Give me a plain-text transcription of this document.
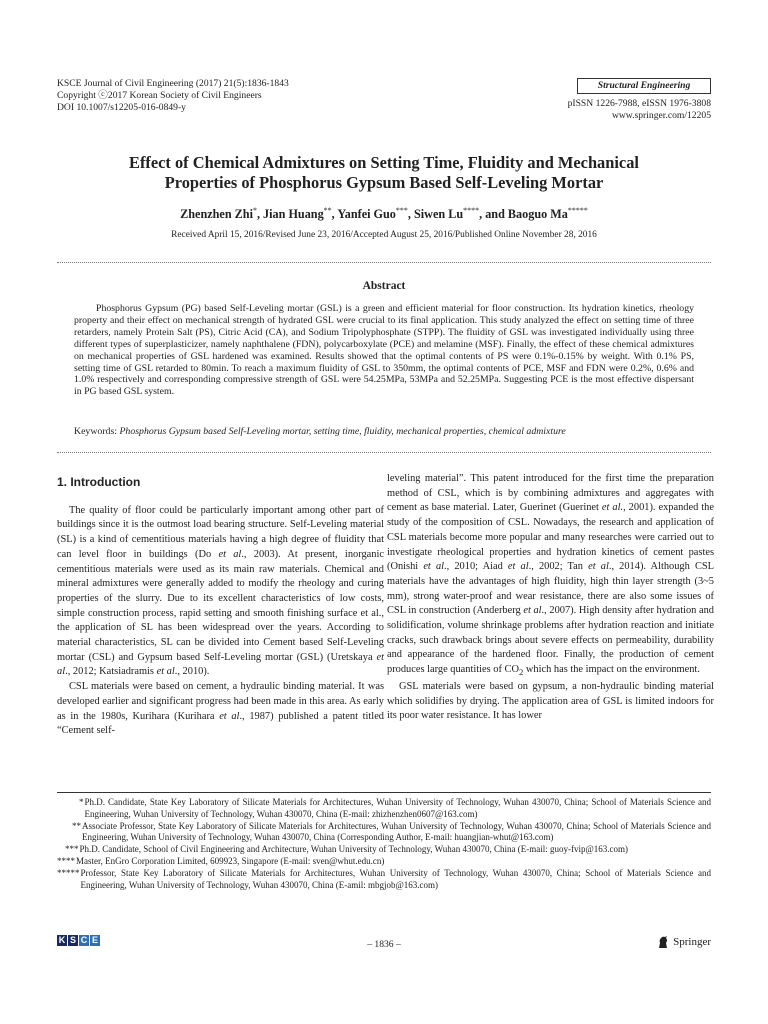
KSCE Journal of Civil Engineering (2017) 21(5):1836-1843
Copyright ⓒ2017 Korean Society of Civil Engineers
DOI 10.1007/s12205-016-0849-y
Structural Engineering
pISSN 1226-7988, eISSN 1976-3808
www.springer.com/12205
Effect of Chemical Admixtures on Setting Time, Fluidity and Mechanical
Properties of Phosphorus Gypsum Based Self-Leveling Mortar
Zhenzhen Zhi*, Jian Huang**, Yanfei Guo***, Siwen Lu****, and Baoguo Ma*****
Received April 15, 2016/Revised June 23, 2016/Accepted August 25, 2016/Published Online November 28, 2016
Abstract
Phosphorus Gypsum (PG) based Self-Leveling mortar (GSL) is a green and efficient material for floor construction. Its hydration kinetics, rheology property and their effect on mechanical strength of hydrated GSL were crucial to its final application. This study analyzed the effect on setting time of three retarders, namely Protein Salt (PS), Citric Acid (CA), and Sodium Tripolyphosphate (STPP). The fluidity of GSL was investigated individually using three different types of superplasticizer, namely naphthalene (FDN), polycarboxylate (PCE) and melamine (MSF). Finally, the effect of these chemical admixtures on mechanical properties of GSL hardened was examined. Results showed that the optimal contents of PS were 0.1%-0.15% by weight. With 0.1% PS, setting time of GSL retarded to 80min. To reach a maximum fluidity of GSL to 350mm, the optimal contents of PCE, MSF and FDN were 0.2%, 0.6% and 1.0% respectively and corresponding compressive strength of GSL were 54.25MPa, 53MPa and 52.25MPa. Suggesting PCE is the most effective dispersant in PG based GSL system.
Keywords: Phosphorus Gypsum based Self-Leveling mortar, setting time, fluidity, mechanical properties, chemical admixture
1. Introduction

The quality of floor could be particularly important among other part of buildings since it is the outmost load bearing structure. Self-Leveling material (SL) is a kind of cementitious materials having a high degree of fluidity that can level floor in buildings (Do et al., 2003). At present, inorganic cementitious materials were used as its main raw materials. Chemical and mineral admixtures were generally added to modify the rheology and curing properties of the slurry. Due to its excellent characteristics of low costs, simple construction process, rapid setting and smooth finishing surface et al., the application of SL has been widespread over the years. According to material characteristics, SL can be divided into Cement based Self-Leveling mortar (CSL) and Gypsum based Self-Leveling mortar (GSL) (Uretskaya et al., 2012; Katsiadramis et al., 2010).

CSL materials were based on cement, a hydraulic binding material. It was developed earlier and significant progress had been made in this area. As early as in the 1980s, Kurihara (Kurihara et al., 1987) published a patent titled “Cement self-

leveling material”. This patent introduced for the first time the preparation method of CSL, which is by combining admixtures and aggregates with cement as base material. Later, Guerinet (Guerinet et al., 2001). expanded the study of the composition of CSL. Nowadays, the research and application of CSL materials become more popular and many researches were carried out to investigate rheological properties and hydration kinetics of cement pastes (Onishi et al., 2010; Aiad et al., 2002; Tan et al., 2014). Although CSL materials have the advantages of high fluidity, high thin layer strength (3~5 mm), strong water-proof and wear resistance, there are also some issues of CSL in construction (Anderberg et al., 2007). High density after hydration and solidification, volume shrinkage problems after hydration reaction and initiate cracks, such drawback brings about severe effects on permeability, durability and appearance of the hardened floor. Finally, the production of cement produces large quantities of $CO_2$ which has the impact on the environment.

GSL materials were based on gypsum, a non-hydraulic binding material which solidifies by drying. The application area of GSL is limited indoors for its poor water resistance. It has lower

* Ph.D. Candidate, State Key Laboratory of Silicate Materials for Architectures, Wuhan University of Technology, Wuhan 430070, China; School of Materials Science and Engineering, Wuhan University of Technology, Wuhan 430070, China (E-mail: zhizhenzhen0607@163.com)
** Associate Professor, State Key Laboratory of Silicate Materials for Architectures, Wuhan University of Technology, Wuhan 430070, China; School of Materials Science and Engineering, Wuhan University of Technology, Wuhan 430070, China (Corresponding Author, E-mail: huangjian-whut@163.com)
*** Ph.D. Candidate, School of Civil Engineering and Architecture, Wuhan University of Technology, Wuhan 430070, China (E-mail: guoy-fvip@163.com)
**** Master, EnGro Corporation Limited, 609923, Singapore (E-mail: sven@whut.edu.cn)
***** Professor, State Key Laboratory of Silicate Materials for Architectures, Wuhan University of Technology, Wuhan 430070, China; School of Materials Science and Engineering, Wuhan University of Technology, Wuhan 430070, China (E-amil: mbgjob@163.com)
K S C E	– 1836 –	Springer
